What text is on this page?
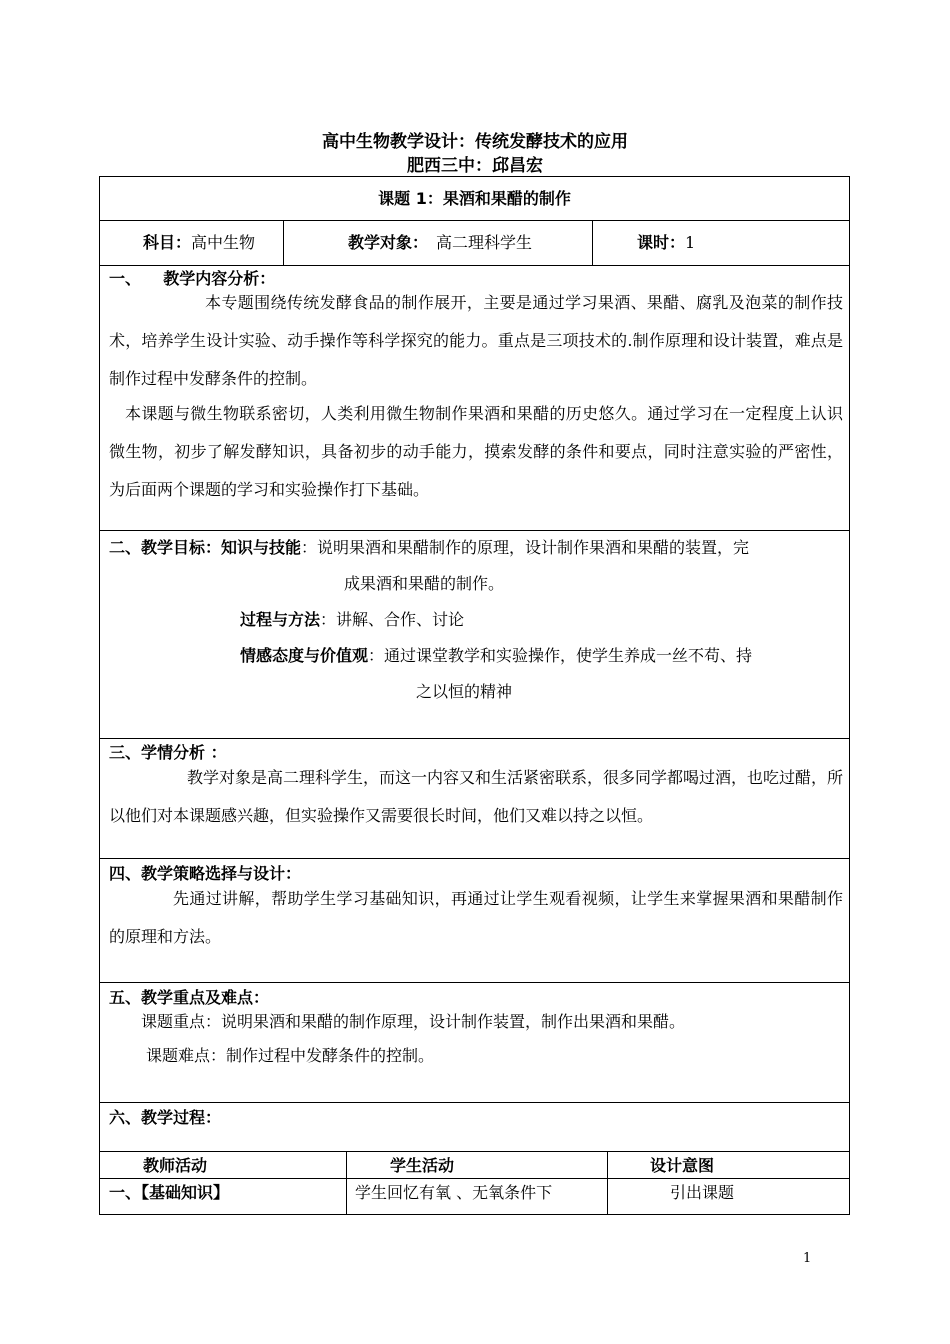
高中生物教学设计：传统发酵技术的应用
肥西三中：邱昌宏
课题 1：果酒和果醋的制作
科目：高中生物	教学对象： 高二理科学生	课时：1
一、    教学内容分析：
本专题围绕传统发酵食品的制作展开，主要是通过学习果酒、果醋、腐乳及泡菜的制作技术，培养学生设计实验、动手操作等科学探究的能力。重点是三项技术的.制作原理和设计装置，难点是制作过程中发酵条件的控制。
本课题与微生物联系密切，人类利用微生物制作果酒和果醋的历史悠久。通过学习在一定程度上认识微生物，初步了解发酵知识，具备初步的动手能力，摸索发酵的条件和要点，同时注意实验的严密性，为后面两个课题的学习和实验操作打下基础。
二、教学目标：知识与技能：说明果酒和果醋制作的原理，设计制作果酒和果醋的装置，完
成果酒和果醋的制作。
过程与方法：讲解、合作、讨论
情感态度与价值观：通过课堂教学和实验操作，使学生养成一丝不苟、持
之以恒的精神
三、学情分析 ：
教学对象是高二理科学生，而这一内容又和生活紧密联系，很多同学都喝过酒，也吃过醋，所以他们对本课题感兴趣，但实验操作又需要很长时间，他们又难以持之以恒。
四、教学策略选择与设计：
先通过讲解，帮助学生学习基础知识，再通过让学生观看视频，让学生来掌握果酒和果醋制作的原理和方法。
五、教学重点及难点：
课题重点：说明果酒和果醋的制作原理，设计制作装置，制作出果酒和果醋。
课题难点：制作过程中发酵条件的控制。
六、教学过程：
教师活动	学生活动	设计意图
一、【基础知识】	学生回忆有氧 、无氧条件下	引出课题
1
